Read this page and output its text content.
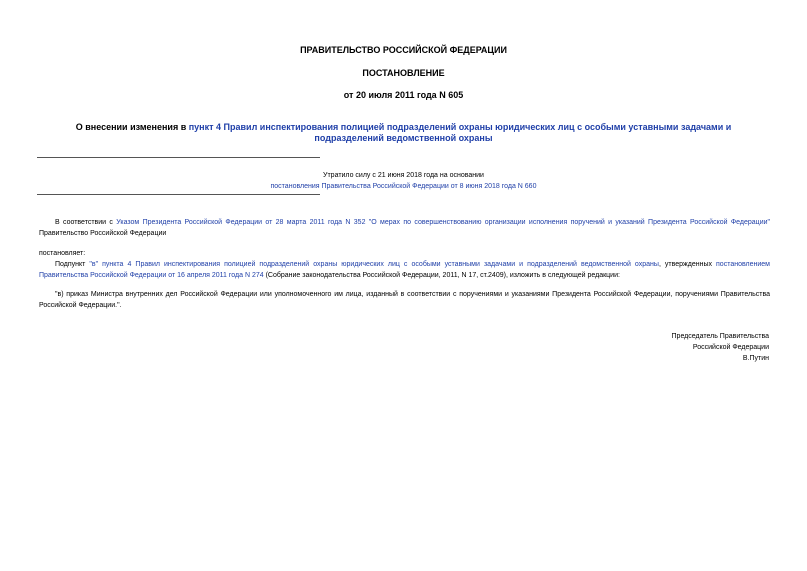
ПРАВИТЕЛЬСТВО РОССИЙСКОЙ ФЕДЕРАЦИИ
ПОСТАНОВЛЕНИЕ
от 20 июля 2011 года N 605
О внесении изменения в пункт 4 Правил инспектирования полицией подразделений охраны юридических лиц с особыми уставными задачами и подразделений ведомственной охраны
Утратило силу с 21 июня 2018 года на основании
постановления Правительства Российской Федерации от 8 июня 2018 года N 660
В соответствии с Указом Президента Российской Федерации от 28 марта 2011 года N 352 "О мерах по совершенствованию организации исполнения поручений и указаний Президента Российской Федерации" Правительство Российской Федерации
постановляет:
Подпункт "в" пункта 4 Правил инспектирования полицией подразделений охраны юридических лиц с особыми уставными задачами и подразделений ведомственной охраны, утвержденных постановлением Правительства Российской Федерации от 16 апреля 2011 года N 274 (Собрание законодательства Российской Федерации, 2011, N 17, ст.2409), изложить в следующей редакции:
"в) приказ Министра внутренних дел Российской Федерации или уполномоченного им лица, изданный в соответствии с поручениями и указаниями Президента Российской Федерации, поручениями Правительства Российской Федерации.".
Председатель Правительства
Российской Федерации
В.Путин
